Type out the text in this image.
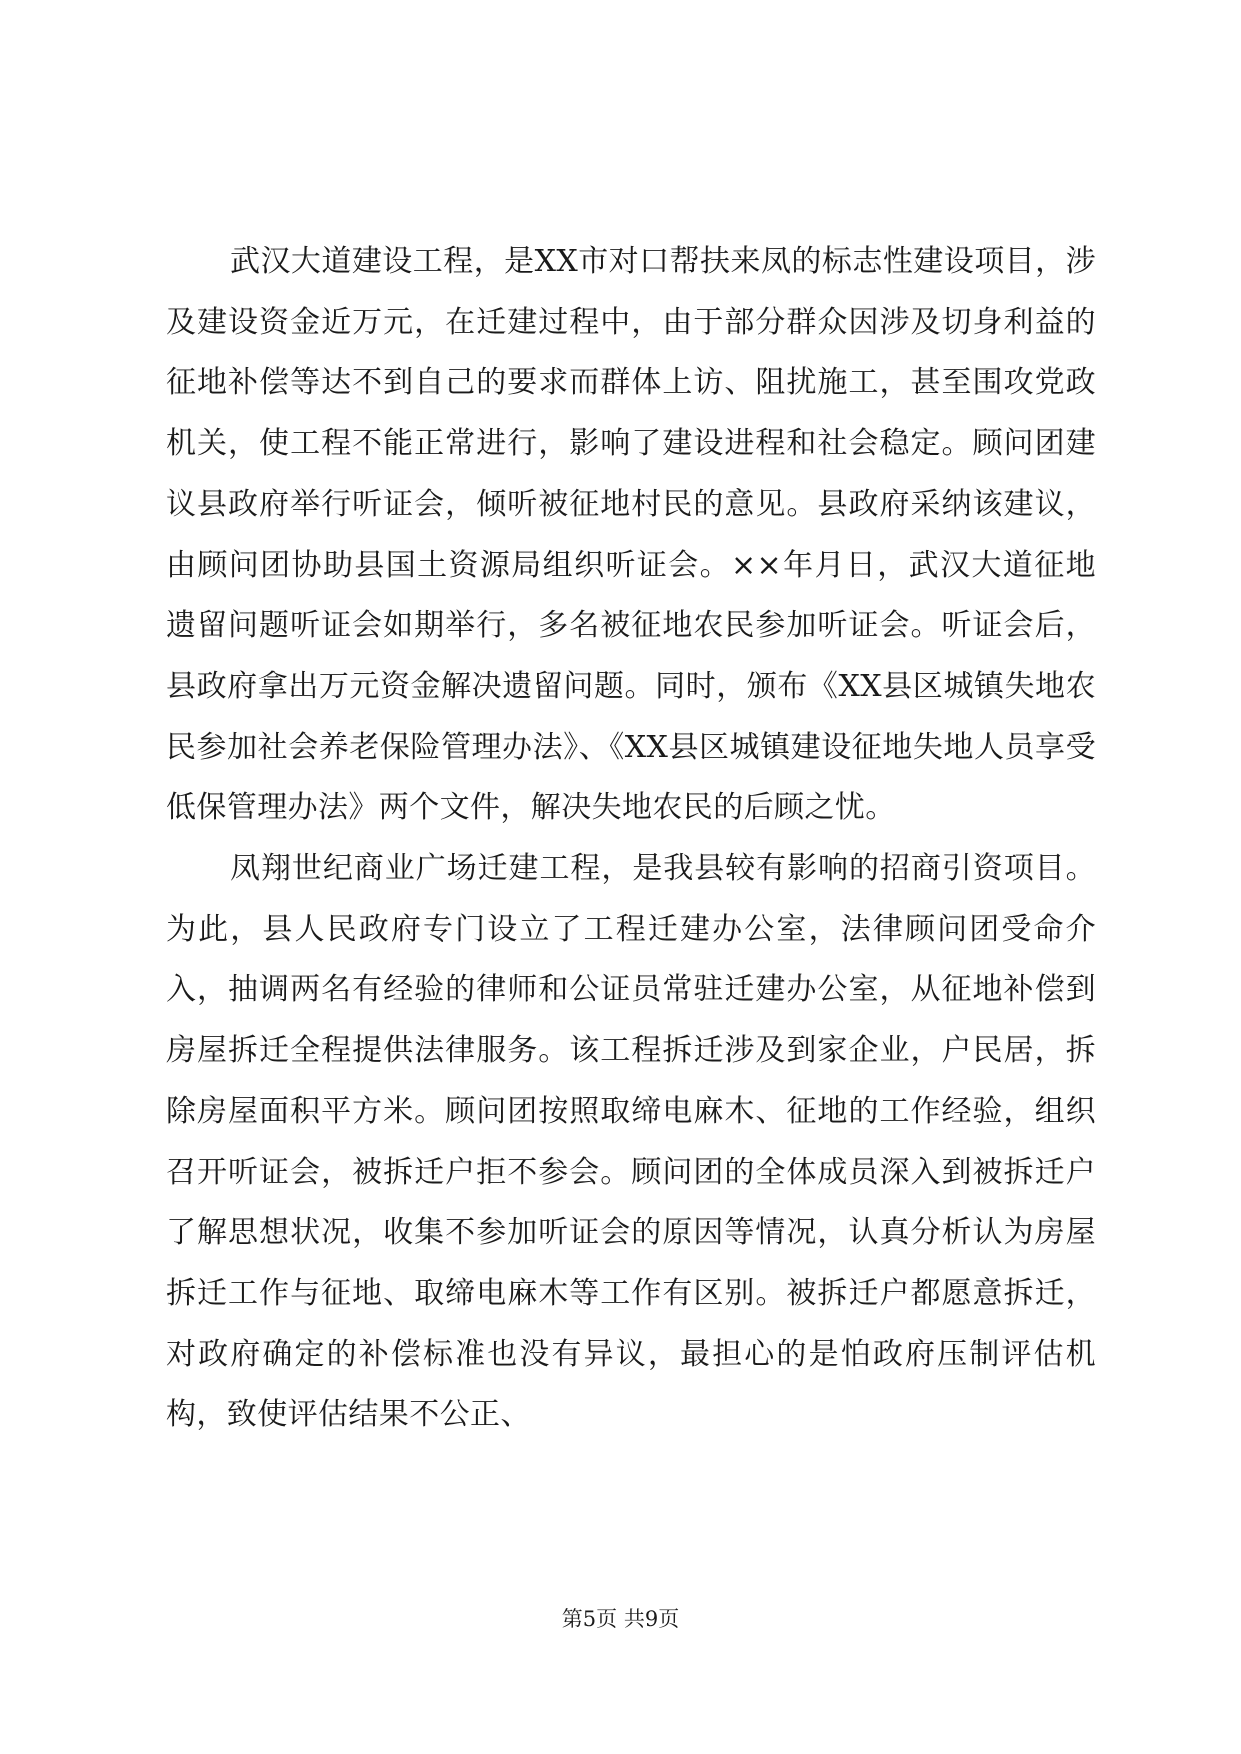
武汉大道建设工程，是XX市对口帮扶来凤的标志性建设项目，涉及建设资金近万元，在迁建过程中，由于部分群众因涉及切身利益的征地补偿等达不到自己的要求而群体上访、阻扰施工，甚至围攻党政机关，使工程不能正常进行，影响了建设进程和社会稳定。顾问团建议县政府举行听证会，倾听被征地村民的意见。县政府采纳该建议，由顾问团协助县国土资源局组织听证会。××年月日，武汉大道征地遗留问题听证会如期举行，多名被征地农民参加听证会。听证会后，县政府拿出万元资金解决遗留问题。同时，颁布《XX县区城镇失地农民参加社会养老保险管理办法》、《XX县区城镇建设征地失地人员享受低保管理办法》两个文件，解决失地农民的后顾之忧。

凤翔世纪商业广场迁建工程，是我县较有影响的招商引资项目。为此，县人民政府专门设立了工程迁建办公室，法律顾问团受命介入，抽调两名有经验的律师和公证员常驻迁建办公室，从征地补偿到房屋拆迁全程提供法律服务。该工程拆迁涉及到家企业，户民居，拆除房屋面积平方米。顾问团按照取缔电麻木、征地的工作经验，组织召开听证会，被拆迁户拒不参会。顾问团的全体成员深入到被拆迁户了解思想状况，收集不参加听证会的原因等情况，认真分析认为房屋拆迁工作与征地、取缔电麻木等工作有区别。被拆迁户都愿意拆迁，对政府确定的补偿标准也没有异议，最担心的是怕政府压制评估机构，致使评估结果不公正、

第5页 共9页
